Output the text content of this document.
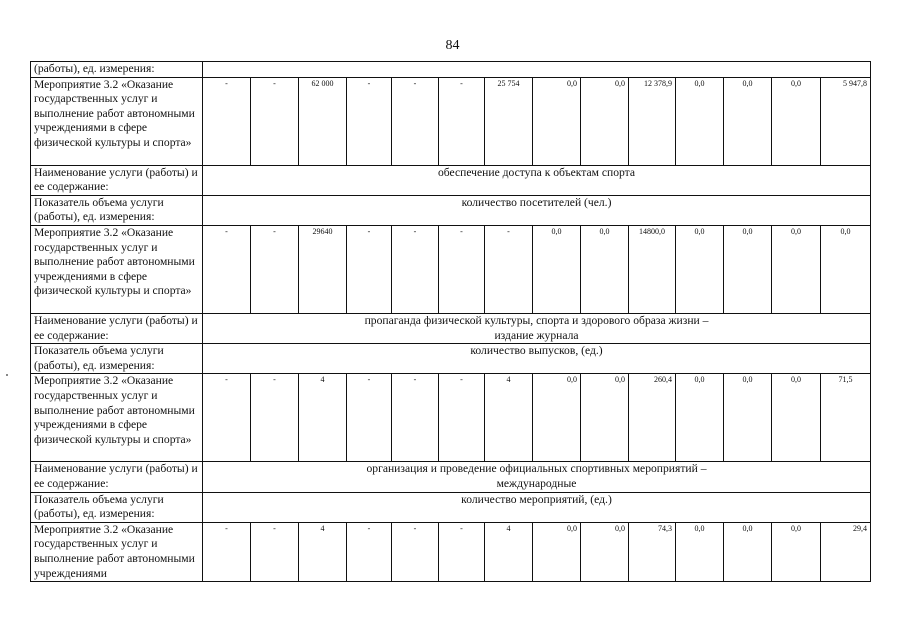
84
(работы), ед. измерения:														
Мероприятие 3.2 «Оказание государственных услуг и выполнение работ автономными учреждениями в сфере физической культуры и спорта»	-	-	62 000	-	-	-	25 754	0,0	0,0	12 378,9	0,0	0,0	0,0	5 947,8
Наименование услуги (работы) и ее содержание:	обеспечение доступа к объектам спорта													
Показатель объема услуги (работы), ед. измерения:	количество посетителей (чел.)													
Мероприятие 3.2 «Оказание государственных услуг и выполнение работ автономными учреждениями в сфере физической культуры и спорта»	-	-	29640	-	-	-	-	0,0	0,0	14800,0	0,0	0,0	0,0	0,0
Наименование услуги (работы) и ее содержание:	пропаганда физической культуры, спорта и здорового образа жизни –
издание журнала													

Показатель объема услуги (работы), ед. измерения:	количество выпусков, (ед.)													
Мероприятие 3.2 «Оказание государственных услуг и выполнение работ автономными учреждениями в сфере физической культуры и спорта»	-	-	4	-	-	-	4	0,0	0,0	260,4	0,0	0,0	0,0	71,5
Наименование услуги (работы) и ее содержание:	организация и проведение официальных спортивных мероприятий –
международные													

Показатель объема услуги (работы), ед. измерения:	количество мероприятий, (ед.)													
Мероприятие 3.2 «Оказание государственных услуг и выполнение работ автономными учреждениями	-	-	4	-	-	-	4	0,0	0,0	74,3	0,0	0,0	0,0	29,4
